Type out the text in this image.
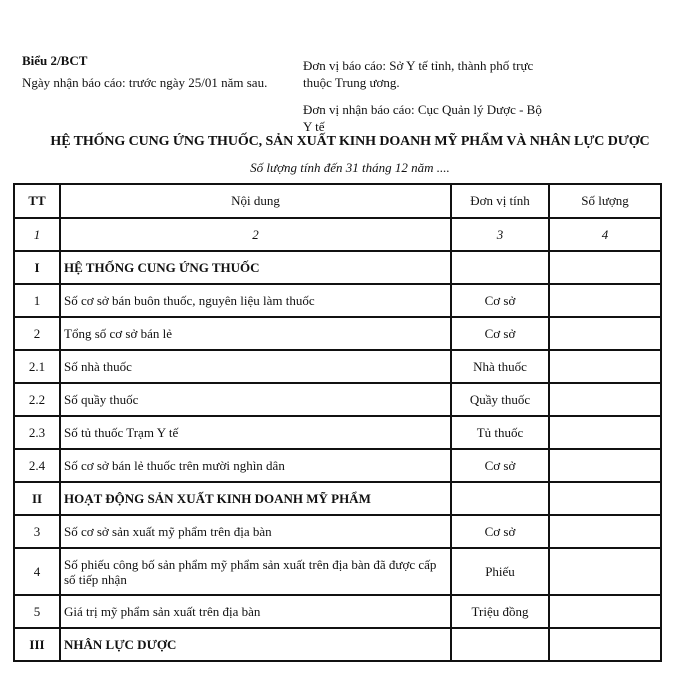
Biểu 2/BCT
Ngày nhận báo cáo: trước ngày 25/01 năm sau.

Đơn vị báo cáo: Sở Y tế tỉnh, thành phố trực thuộc Trung ương.

Đơn vị nhận báo cáo: Cục Quản lý Dược - Bộ Y tế

HỆ THỐNG CUNG ỨNG THUỐC, SẢN XUẤT KINH DOANH MỸ PHẨM VÀ NHÂN LỰC DƯỢC
Số lượng tính đến 31 tháng 12 năm ....
TT	Nội dung	Đơn vị tính	Số lượng
1	2	3	4
I	HỆ THỐNG CUNG ỨNG THUỐC		
1	Số cơ sở bán buôn thuốc, nguyên liệu làm thuốc	Cơ sở	
2	Tổng số cơ sở bán lẻ	Cơ sở	
2.1	Số nhà thuốc	Nhà thuốc	
2.2	Số quầy thuốc	Quầy thuốc	
2.3	Số tủ thuốc Trạm Y tế	Tủ thuốc	
2.4	Số cơ sở bán lẻ thuốc trên mười nghìn dân	Cơ sở	
II	HOẠT ĐỘNG SẢN XUẤT KINH DOANH MỸ PHẨM		
3	Số cơ sở sản xuất mỹ phẩm trên địa bàn	Cơ sở	
4	Số phiếu công bố sản phẩm mỹ phẩm sản xuất trên địa bàn đã được cấp số tiếp nhận	Phiếu	
5	Giá trị mỹ phẩm sản xuất trên địa bàn	Triệu đồng	
III	NHÂN LỰC DƯỢC		
